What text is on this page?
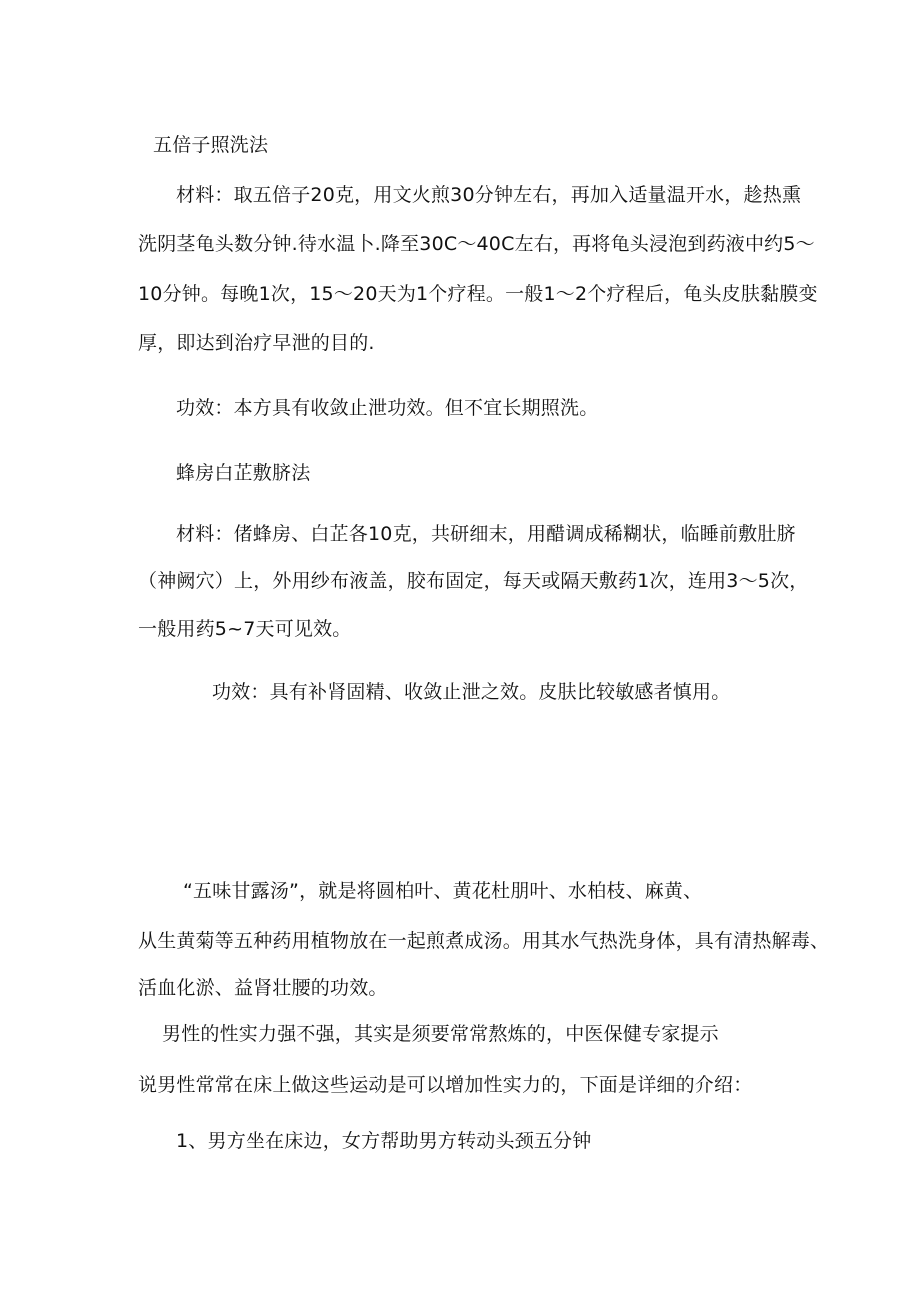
五倍子照洗法
材料：取五倍子20克，用文火煎30分钟左右，再加入适量温开水，趁热熏
洗阴茎龟头数分钟.待水温卜.降至30C～40C左右，再将龟头浸泡到药液中约5～
10分钟。每晚1次，15～20天为1个疗程。一般1～2个疗程后，龟头皮肤黏膜变
厚，即达到治疗早泄的目的.
功效：本方具有收敛止泄功效。但不宜长期照洗。
蜂房白芷敷脐法
材料：偖蜂房、白芷各10克，共研细末，用醋调成稀糊状，临睡前敷肚脐
（神阙穴）上，外用纱布液盖，胶布固定，每天或隔天敷药1次，连用3～5次，
一般用药5~7天可见效。
功效：具有补肾固精、收敛止泄之效。皮肤比较敏感者慎用。
“五味甘露汤”，就是将圆柏叶、黄花杜朋叶、水柏枝、麻黄、
从生黄菊等五种药用植物放在一起煎煮成汤。用其水气热洗身体，具有清热解毒、
活血化淤、益肾壮腰的功效。
男性的性实力强不强，其实是须要常常熬炼的，中医保健专家提示
说男性常常在床上做这些运动是可以增加性实力的，下面是详细的介绍：
1、男方坐在床边，女方帮助男方转动头颈五分钟
